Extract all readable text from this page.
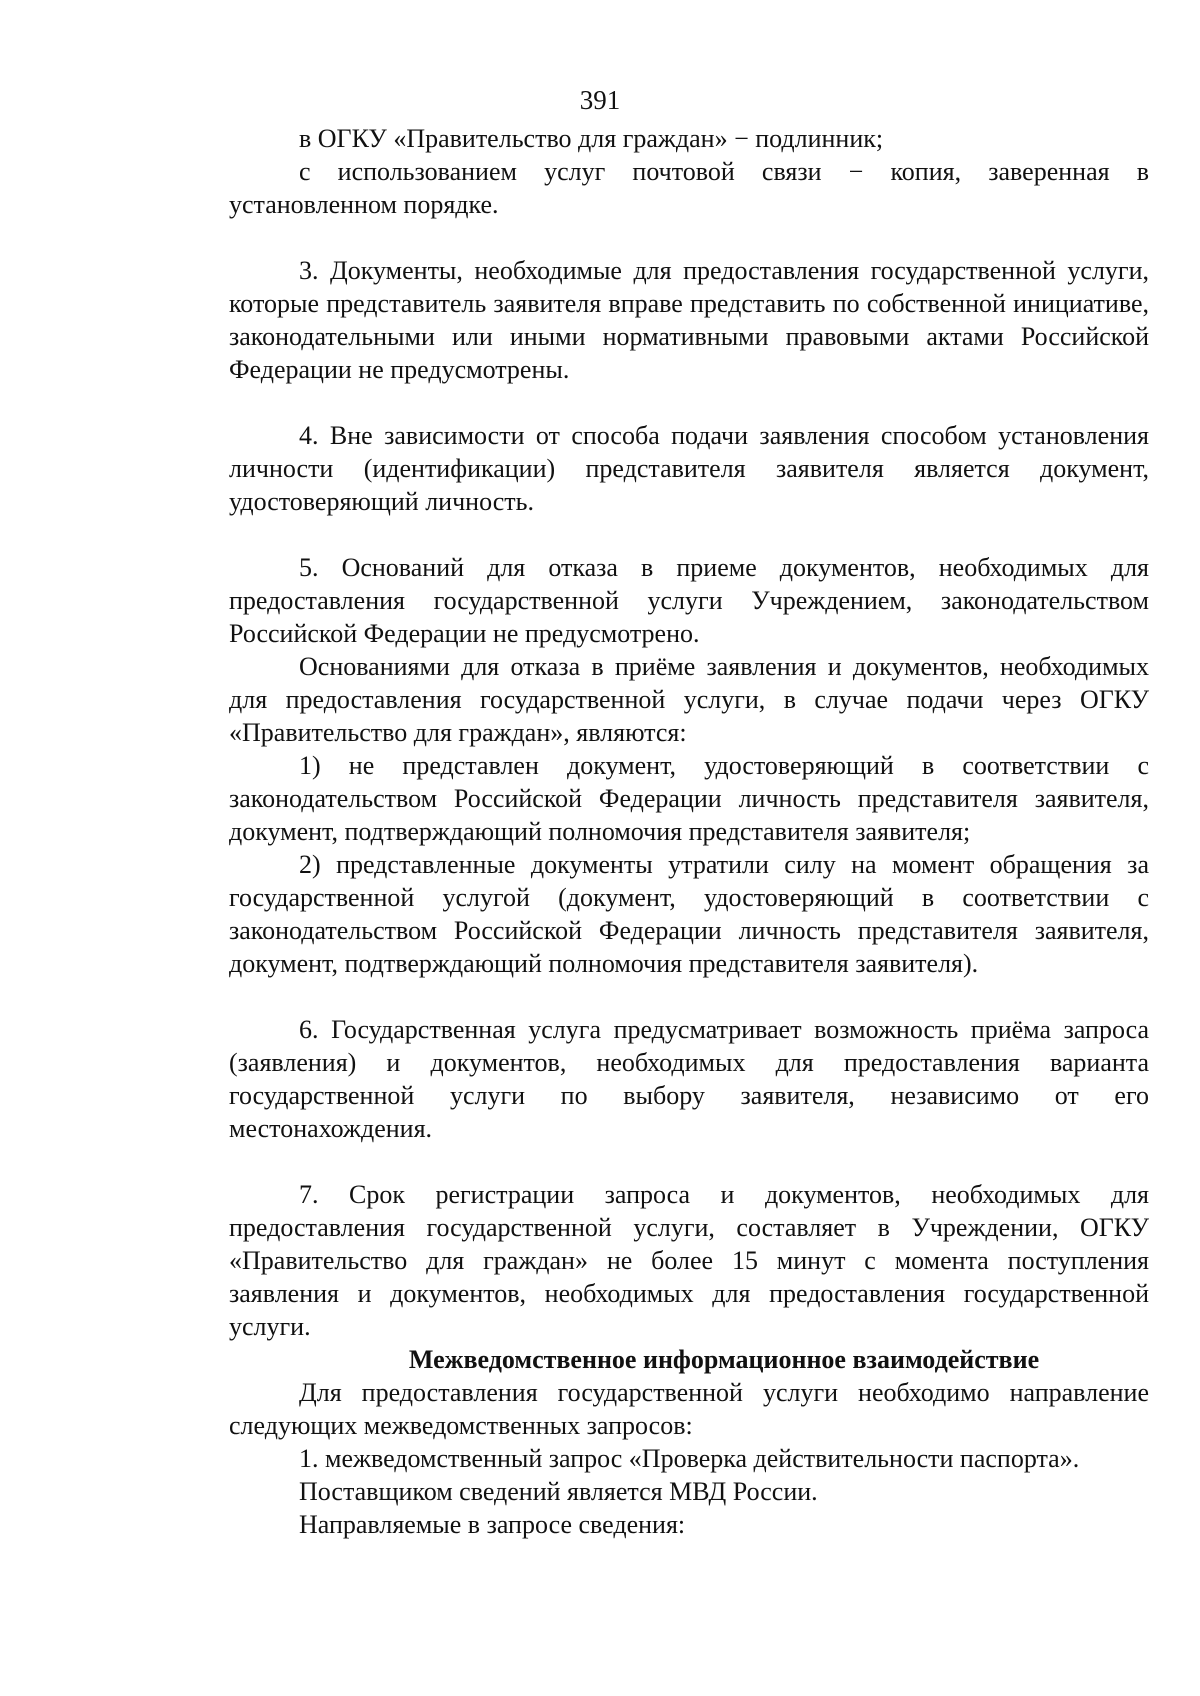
391

в ОГКУ «Правительство для граждан» − подлинник;

с использованием услуг почтовой связи − копия, заверенная в установленном порядке.

3. Документы, необходимые для предоставления государственной услуги, которые представитель заявителя вправе представить по собственной инициативе, законодательными или иными нормативными правовыми актами Российской Федерации не предусмотрены.

4. Вне зависимости от способа подачи заявления способом установления личности (идентификации) представителя заявителя является документ, удостоверяющий личность.

5. Оснований для отказа в приеме документов, необходимых для предоставления государственной услуги Учреждением, законодательством Российской Федерации не предусмотрено.

Основаниями для отказа в приёме заявления и документов, необходимых для предоставления государственной услуги, в случае подачи через ОГКУ «Правительство для граждан», являются:

1) не представлен документ, удостоверяющий в соответствии с законодательством Российской Федерации личность представителя заявителя, документ, подтверждающий полномочия представителя заявителя;

2) представленные документы утратили силу на момент обращения за государственной услугой (документ, удостоверяющий в соответствии с законодательством Российской Федерации личность представителя заявителя, документ, подтверждающий полномочия представителя заявителя).

6. Государственная услуга предусматривает возможность приёма запроса (заявления) и документов, необходимых для предоставления варианта государственной услуги по выбору заявителя, независимо от его местонахождения.

7. Срок регистрации запроса и документов, необходимых для предоставления государственной услуги, составляет в Учреждении, ОГКУ «Правительство для граждан» не более 15 минут с момента поступления заявления и документов, необходимых для предоставления государственной услуги.

Межведомственное информационное взаимодействие

Для предоставления государственной услуги необходимо направление следующих межведомственных запросов:

1. межведомственный запрос «Проверка действительности паспорта».

Поставщиком сведений является МВД России.

Направляемые в запросе сведения:
